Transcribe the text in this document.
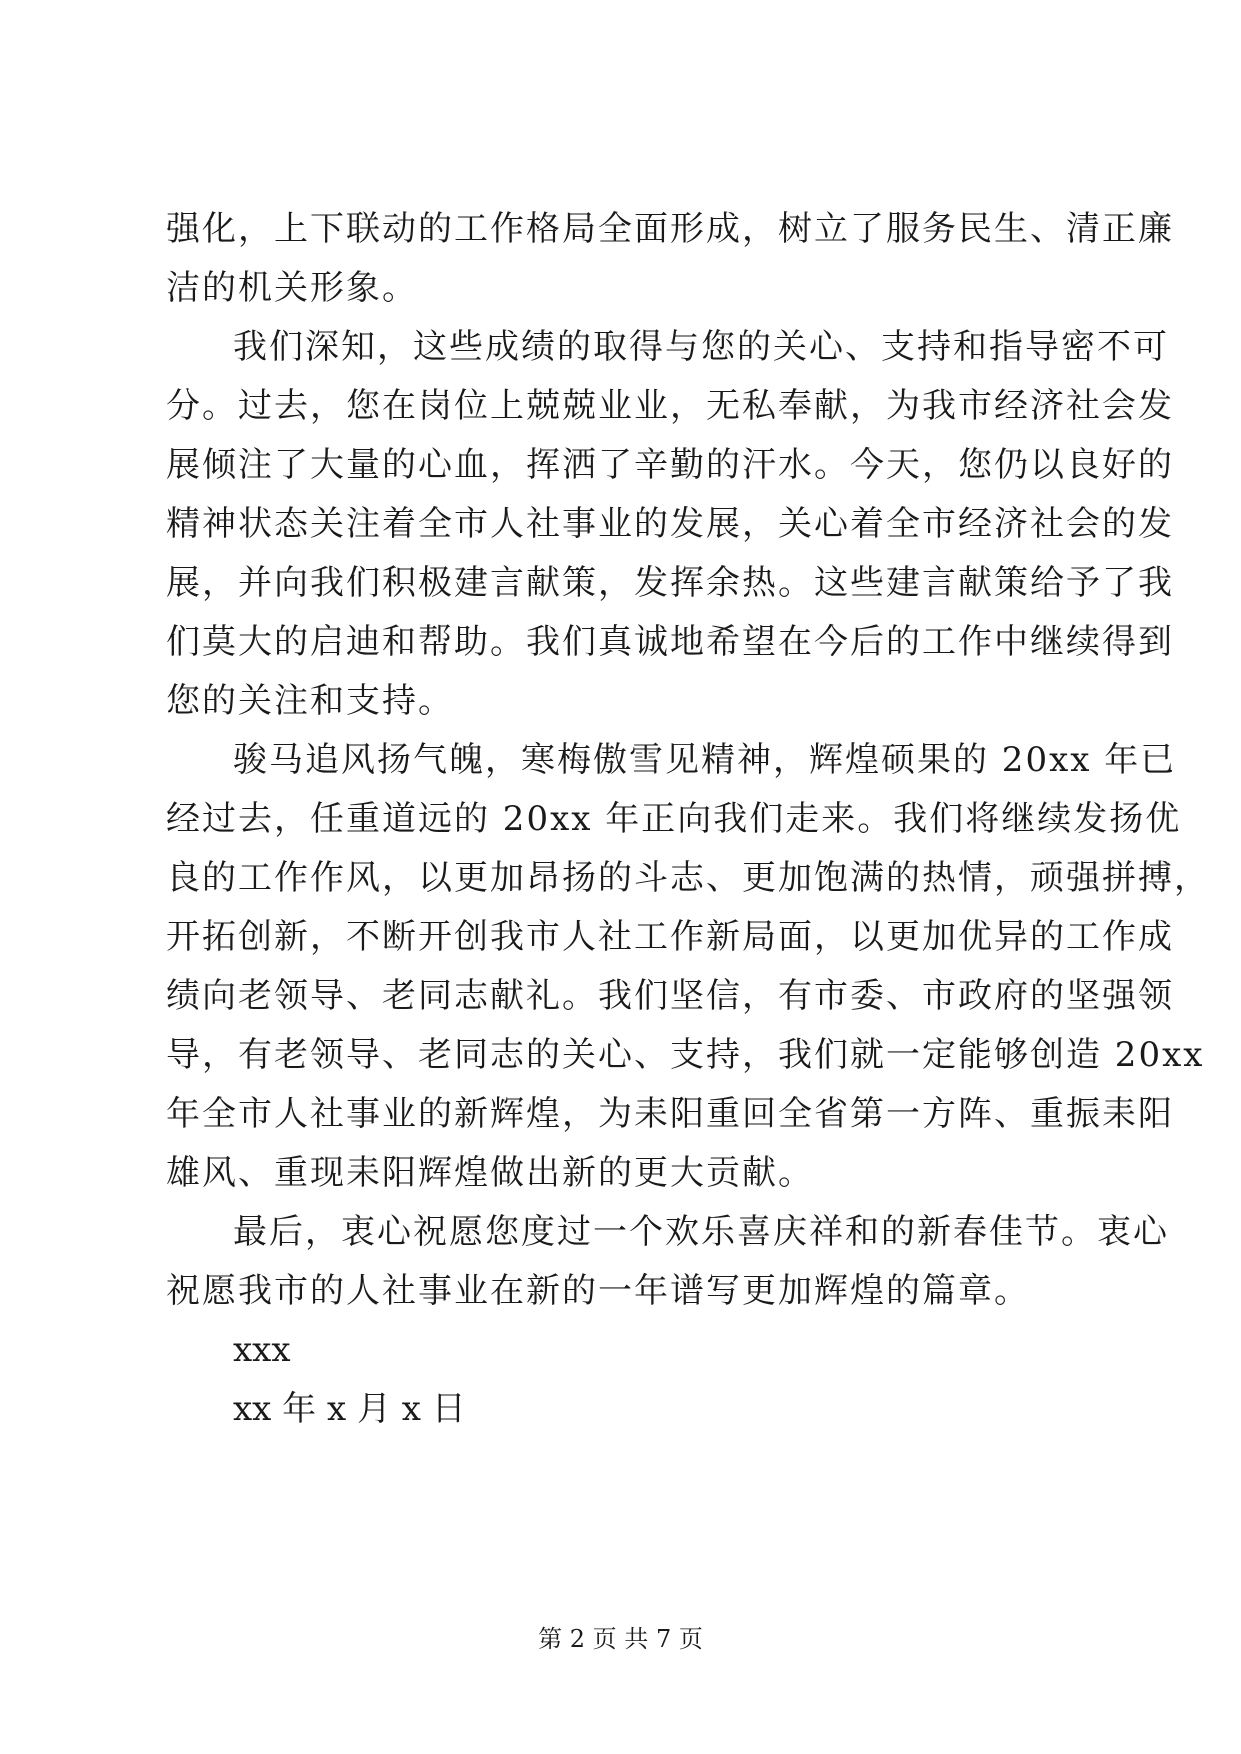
强化，上下联动的工作格局全面形成，树立了服务民生、清正廉
洁的机关形象。
我们深知，这些成绩的取得与您的关心、支持和指导密不可
分。过去，您在岗位上兢兢业业，无私奉献，为我市经济社会发
展倾注了大量的心血，挥洒了辛勤的汗水。今天，您仍以良好的
精神状态关注着全市人社事业的发展，关心着全市经济社会的发
展，并向我们积极建言献策，发挥余热。这些建言献策给予了我
们莫大的启迪和帮助。我们真诚地希望在今后的工作中继续得到
您的关注和支持。
骏马追风扬气魄，寒梅傲雪见精神，辉煌硕果的 20xx 年已
经过去，任重道远的 20xx 年正向我们走来。我们将继续发扬优
良的工作作风，以更加昂扬的斗志、更加饱满的热情，顽强拼搏，
开拓创新，不断开创我市人社工作新局面，以更加优异的工作成
绩向老领导、老同志献礼。我们坚信，有市委、市政府的坚强领
导，有老领导、老同志的关心、支持，我们就一定能够创造 20xx
年全市人社事业的新辉煌，为耒阳重回全省第一方阵、重振耒阳
雄风、重现耒阳辉煌做出新的更大贡献。
最后，衷心祝愿您度过一个欢乐喜庆祥和的新春佳节。衷心
祝愿我市的人社事业在新的一年谱写更加辉煌的篇章。
xxx
xx 年 x 月 x 日
第 2 页 共 7 页
